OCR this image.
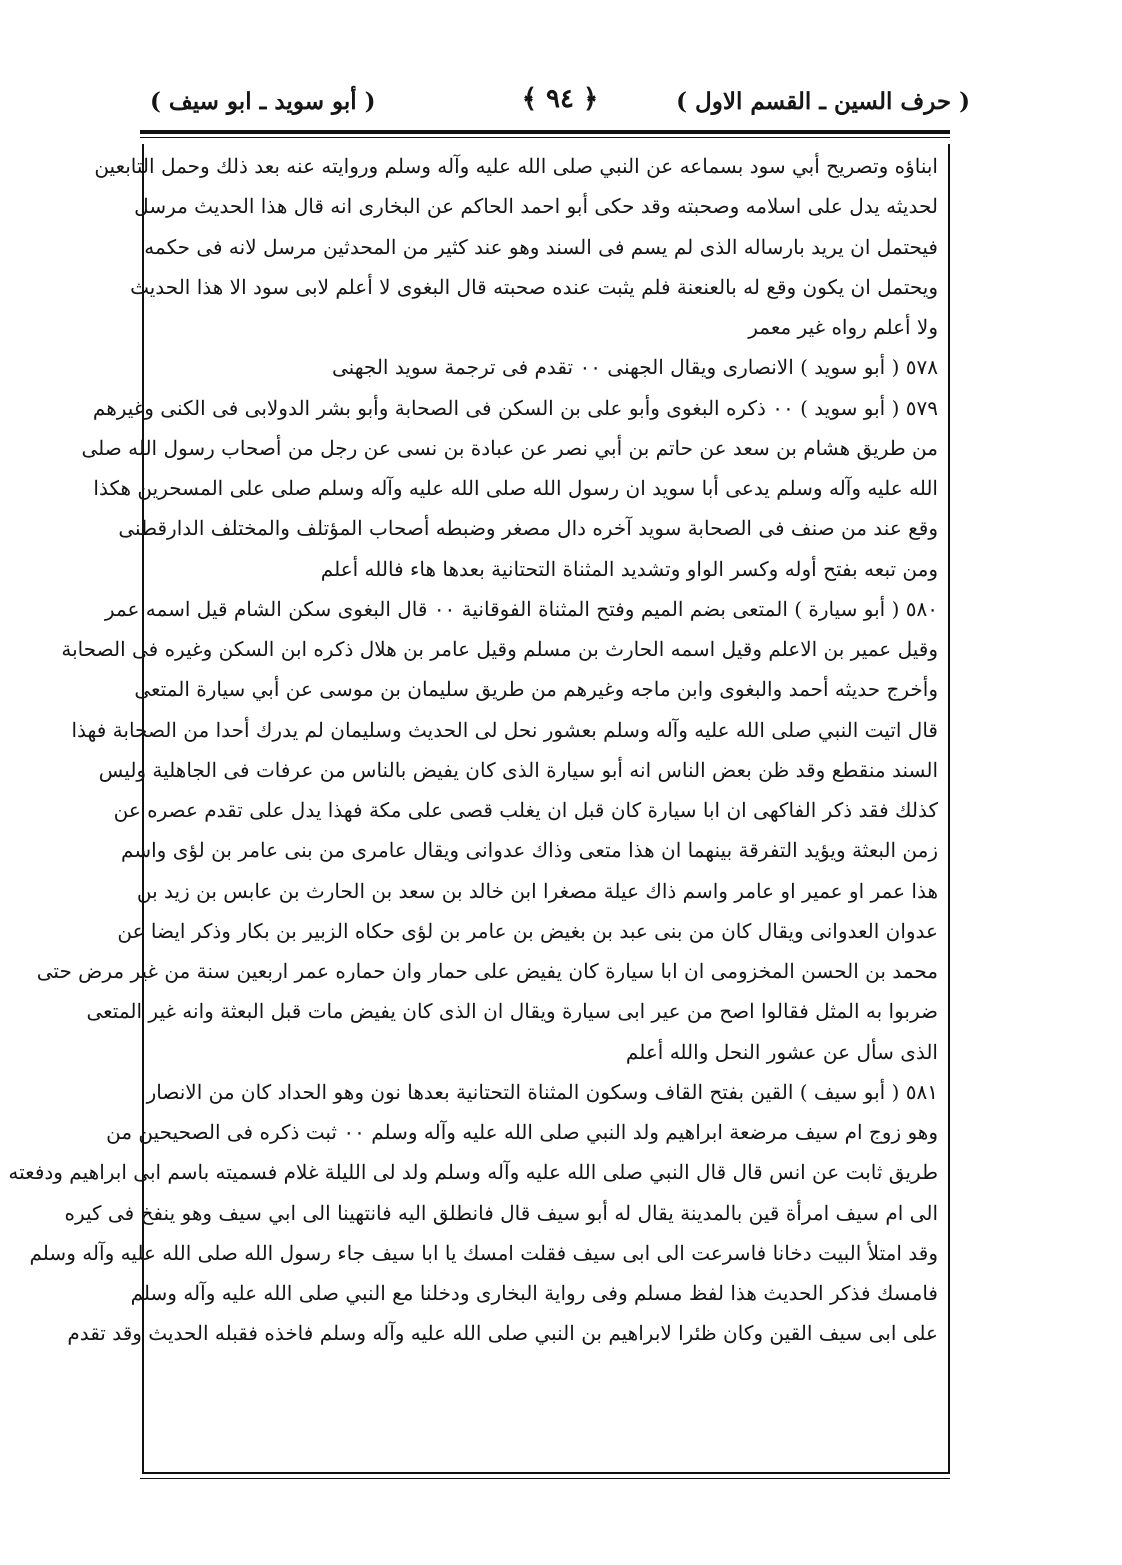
( حرف السين ـ القسم الاول )
﴿ ٩٤ ﴾
( أبو سويد ـ ابو سيف )
ابناؤه وتصريح أبي سود بسماعه عن النبي صلى الله عليه وآله وسلم وروايته عنه بعد ذلك وحمل التابعين
لحديثه يدل على اسلامه وصحبته وقد حكى أبو احمد الحاكم عن البخارى انه قال هذا الحديث مرسل
فيحتمل ان يريد بارساله الذى لم يسم فى السند وهو عند كثير من المحدثين مرسل لانه فى حكمه
ويحتمل ان يكون وقع له بالعنعنة فلم يثبت عنده صحبته قال البغوى لا أعلم لابى سود الا هذا الحديث
ولا أعلم رواه غير معمر
٥٧٨ ( أبو سويد ) الانصارى ويقال الجهنى ٠٠ تقدم فى ترجمة سويد الجهنى
٥٧٩ ( أبو سويد ) ٠٠ ذكره البغوى وأبو على بن السكن فى الصحابة وأبو بشر الدولابى فى الكنى وغيرهم
من طريق هشام بن سعد عن حاتم بن أبي نصر عن عبادة بن نسى عن رجل من أصحاب رسول الله صلى
الله عليه وآله وسلم يدعى أبا سويد ان رسول الله صلى الله عليه وآله وسلم صلى على المسحرين هكذا
وقع عند من صنف فى الصحابة سويد آخره دال مصغر وضبطه أصحاب المؤتلف والمختلف الدارقطنى
ومن تبعه بفتح أوله وكسر الواو وتشديد المثناة التحتانية بعدها هاء فالله أعلم
٥٨٠ ( أبو سيارة ) المتعى بضم الميم وفتح المثناة الفوقانية ٠٠ قال البغوى سكن الشام قيل اسمه عمر
وقيل عمير بن الاعلم وقيل اسمه الحارث بن مسلم وقيل عامر بن هلال ذكره ابن السكن وغيره فى الصحابة
وأخرج حديثه أحمد والبغوى وابن ماجه وغيرهم من طريق سليمان بن موسى عن أبي سيارة المتعى
قال اتيت النبي صلى الله عليه وآله وسلم بعشور نحل لى الحديث وسليمان لم يدرك أحدا من الصحابة فهذا
السند منقطع وقد ظن بعض الناس انه أبو سيارة الذى كان يفيض بالناس من عرفات فى الجاهلية وليس
كذلك فقد ذكر الفاكهى ان ابا سيارة كان قبل ان يغلب قصى على مكة فهذا يدل على تقدم عصره عن
زمن البعثة ويؤيد التفرقة بينهما ان هذا متعى وذاك عدوانى ويقال عامرى من بنى عامر بن لؤى واسم
هذا عمر او عمير او عامر واسم ذاك عيلة مصغرا ابن خالد بن سعد بن الحارث بن عابس بن زيد بن
عدوان العدوانى ويقال كان من بنى عبد بن بغيض بن عامر بن لؤى حكاه الزبير بن بكار وذكر ايضا عن
محمد بن الحسن المخزومى ان ابا سيارة كان يفيض على حمار وان حماره عمر اربعين سنة من غير مرض حتى
ضربوا به المثل فقالوا اصح من عير ابى سيارة ويقال ان الذى كان يفيض مات قبل البعثة وانه غير المتعى
الذى سأل عن عشور النحل والله أعلم
٥٨١ ( أبو سيف ) القين بفتح القاف وسكون المثناة التحتانية بعدها نون وهو الحداد كان من الانصار
وهو زوج ام سيف مرضعة ابراهيم ولد النبي صلى الله عليه وآله وسلم ٠٠ ثبت ذكره فى الصحيحين من
طريق ثابت عن انس قال قال النبي صلى الله عليه وآله وسلم ولد لى الليلة غلام فسميته باسم ابى ابراهيم ودفعته
الى ام سيف امرأة قين بالمدينة يقال له أبو سيف قال فانطلق اليه فانتهينا الى ابي سيف وهو ينفخ فى كيره
وقد امتلأ البيت دخانا فاسرعت الى ابى سيف فقلت امسك يا ابا سيف جاء رسول الله صلى الله عليه وآله وسلم
فامسك فذكر الحديث هذا لفظ مسلم وفى رواية البخارى ودخلنا مع النبي صلى الله عليه وآله وسلم
على ابى سيف القين وكان ظئرا لابراهيم بن النبي صلى الله عليه وآله وسلم فاخذه فقبله الحديث وقد تقدم
